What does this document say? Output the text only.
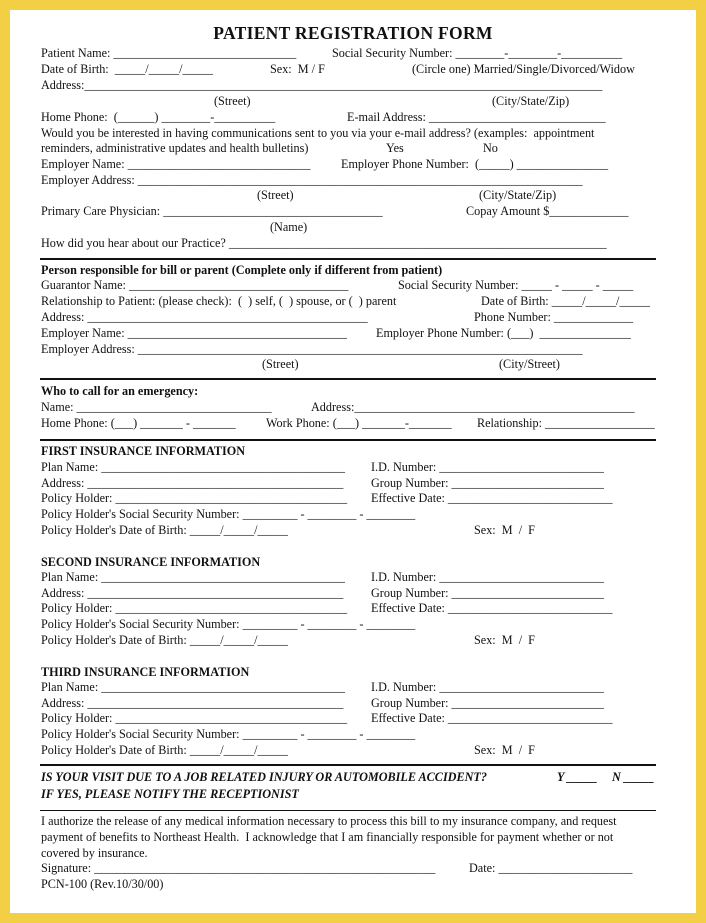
PATIENT REGISTRATION FORM
Patient Name: ______________________________	Social Security Number: ________-________-__________
Date of Birth:  _____/_____/_____	Sex:  M / F	(Circle one) Married/Single/Divorced/Widow
Address:_____________________________________________________________________________________
(Street)	(City/State/Zip)
Home Phone:  (______) ________-__________	E-mail Address: _____________________________
Would you be interested in having communications sent to you via your e-mail address? (examples:  appointment
reminders, administrative updates and health bulletins)	Yes	No
Employer Name: ______________________________	Employer Phone Number:  (_____) _______________
Employer Address: _________________________________________________________________________
(Street)	(City/State/Zip)
Primary Care Physician: ____________________________________	Copay Amount $_____________
(Name)
How did you hear about our Practice? ______________________________________________________________
Person responsible for bill or parent (Complete only if different from patient)
Guarantor Name: ____________________________________	Social Security Number: _____ - _____ - _____
Relationship to Patient: (please check):  (  ) self, (  ) spouse, or (  ) parent	Date of Birth: _____/_____/_____
Address: ______________________________________________	Phone Number: _____________
Employer Name: ____________________________________ Employer Phone Number: (___)  _______________
Employer Address: _________________________________________________________________________
(Street)	(City/Street)
Who to call for an emergency:
Name: ________________________________	Address:______________________________________________
Home Phone: (___) _______ - _______ Work Phone: (___) _______-_______ Relationship: __________________
FIRST INSURANCE INFORMATION
Plan Name: ________________________________________ I.D. Number: ___________________________
Address: __________________________________________ Group Number: _________________________
Policy Holder: ______________________________________ Effective Date: ___________________________
Policy Holder's Social Security Number: _________ - ________ - ________
Policy Holder's Date of Birth: _____/_____/_____	Sex:  M  /  F
SECOND INSURANCE INFORMATION
Plan Name: ________________________________________ I.D. Number: ___________________________
Address: __________________________________________ Group Number: _________________________
Policy Holder: ______________________________________ Effective Date: ___________________________
Policy Holder's Social Security Number: _________ - ________ - ________
Policy Holder's Date of Birth: _____/_____/_____	Sex:  M  /  F
THIRD INSURANCE INFORMATION
Plan Name: ________________________________________ I.D. Number: ___________________________
Address: __________________________________________ Group Number: _________________________
Policy Holder: ______________________________________ Effective Date: ___________________________
Policy Holder's Social Security Number: _________ - ________ - ________
Policy Holder's Date of Birth: _____/_____/_____	Sex:  M  /  F
IS YOUR VISIT DUE TO A JOB RELATED INJURY OR AUTOMOBILE ACCIDENT?	Y _____ N _____
IF YES, PLEASE NOTIFY THE RECEPTIONIST
I authorize the release of any medical information necessary to process this bill to my insurance company, and request
payment of benefits to Northeast Health.  I acknowledge that I am financially responsible for payment whether or not
covered by insurance.
Signature: ________________________________________________________	Date: ______________________
PCN-100 (Rev.10/30/00)
